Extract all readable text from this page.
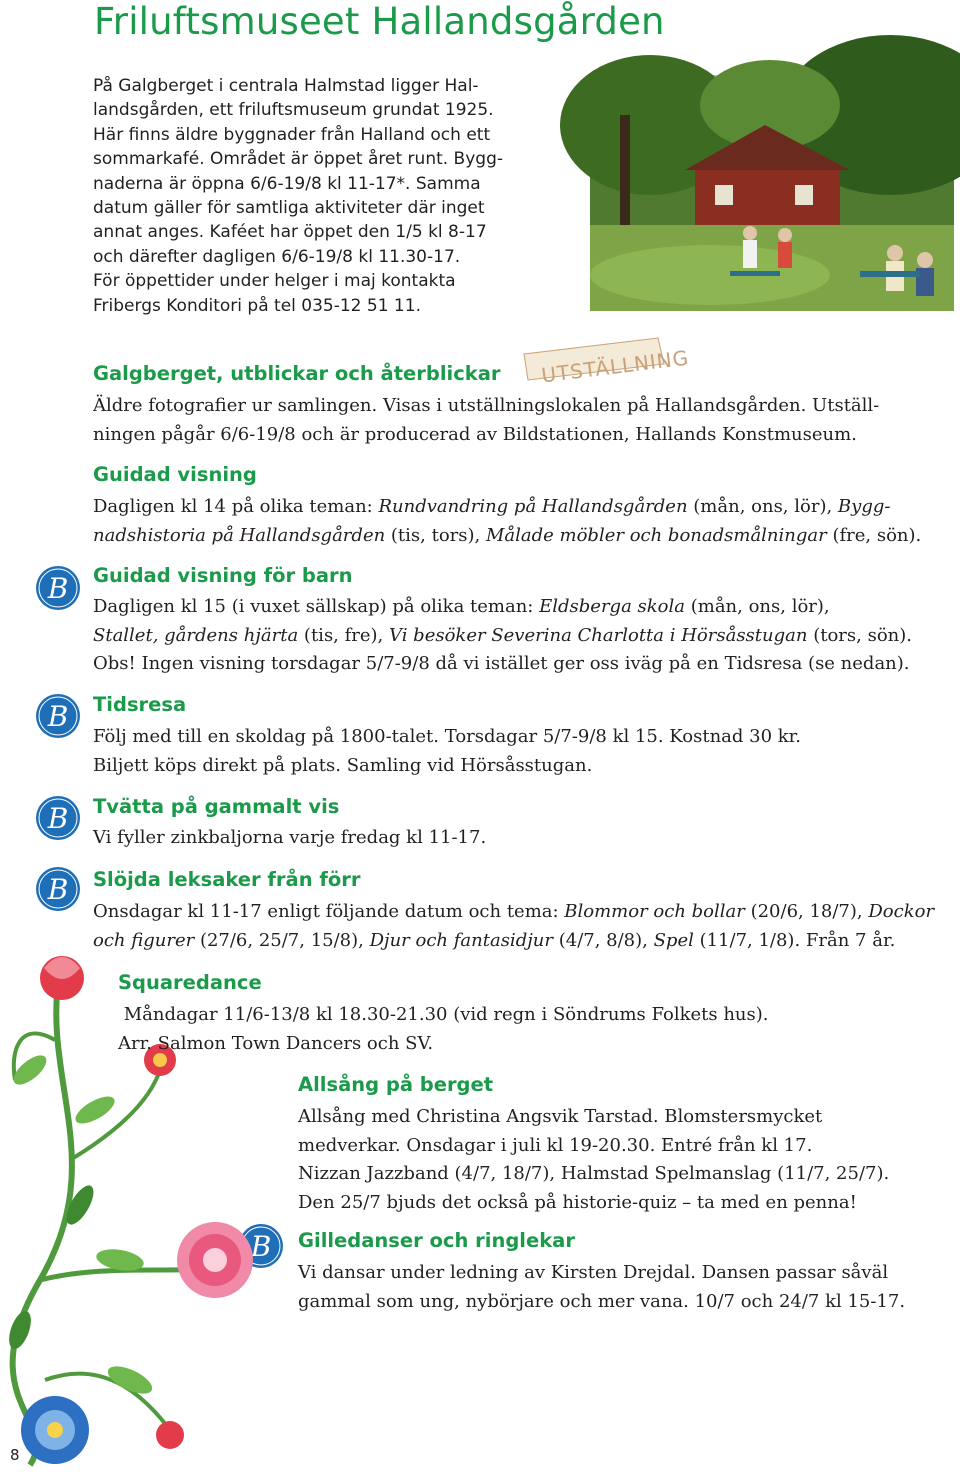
Friluftsmuseet Hallandsgården
På Galgberget i centrala Halmstad ligger Hal-
landsgården, ett friluftsmuseum grundat 1925.
Här finns äldre byggnader från Halland och ett
sommarkafé. Området är öppet året runt. Bygg-
naderna är öppna 6/6-19/8 kl 11-17*. Samma
datum gäller för samtliga aktiviteter där inget
annat anges. Kaféet har öppet den 1/5 kl 8-17
och därefter dagligen 6/6-19/8 kl 11.30-17.
För öppettider under helger i maj kontakta
Fribergs Konditori på tel 035-12 51 11.
UTSTÄLLNING
Galgberget, utblickar och återblickar
Äldre fotografier ur samlingen. Visas i utställningslokalen på Hallandsgården. Utställ-
ningen pågår 6/6-19/8 och är producerad av Bildstationen, Hallands Konstmuseum.
Guidad visning
Dagligen kl 14 på olika teman: Rundvandring på Hallandsgården (mån, ons, lör), Bygg-
nadshistoria på Hallandsgården (tis, tors), Målade möbler och bonadsmålningar (fre, sön).
B
B
B
B
B
Guidad visning för barn
Dagligen kl 15 (i vuxet sällskap) på olika teman: Eldsberga skola (mån, ons, lör),
Stallet, gårdens hjärta (tis, fre), Vi besöker Severina Charlotta i Hörsåsstugan (tors, sön).
Obs! Ingen visning torsdagar 5/7-9/8 då vi istället ger oss iväg på en Tidsresa (se nedan).
Tidsresa
Följ med till en skoldag på 1800-talet. Torsdagar 5/7-9/8 kl 15. Kostnad 30 kr.
Biljett köps direkt på plats. Samling vid Hörsåsstugan.
Tvätta på gammalt vis
Vi fyller zinkbaljorna varje fredag kl 11-17.
Slöjda leksaker från förr
Onsdagar kl 11-17 enligt följande datum och tema: Blommor och bollar (20/6, 18/7), Dockor
och figurer (27/6, 25/7, 15/8), Djur och fantasidjur (4/7, 8/8), Spel (11/7, 1/8). Från 7 år.
Squaredance
Måndagar 11/6-13/8 kl 18.30-21.30 (vid regn i Söndrums Folkets hus).
Arr. Salmon Town Dancers och SV.
Allsång på berget
Allsång med Christina Angsvik Tarstad. Blomstersmycket
medverkar. Onsdagar i juli kl 19-20.30. Entré från kl 17.
Nizzan Jazzband (4/7, 18/7), Halmstad Spelmanslag (11/7, 25/7).
Den 25/7 bjuds det också på historie-quiz – ta med en penna!
Gilledanser och ringlekar
Vi dansar under ledning av Kirsten Drejdal. Dansen passar såväl
gammal som ung, nybörjare och mer vana. 10/7 och 24/7 kl 15-17.
8
